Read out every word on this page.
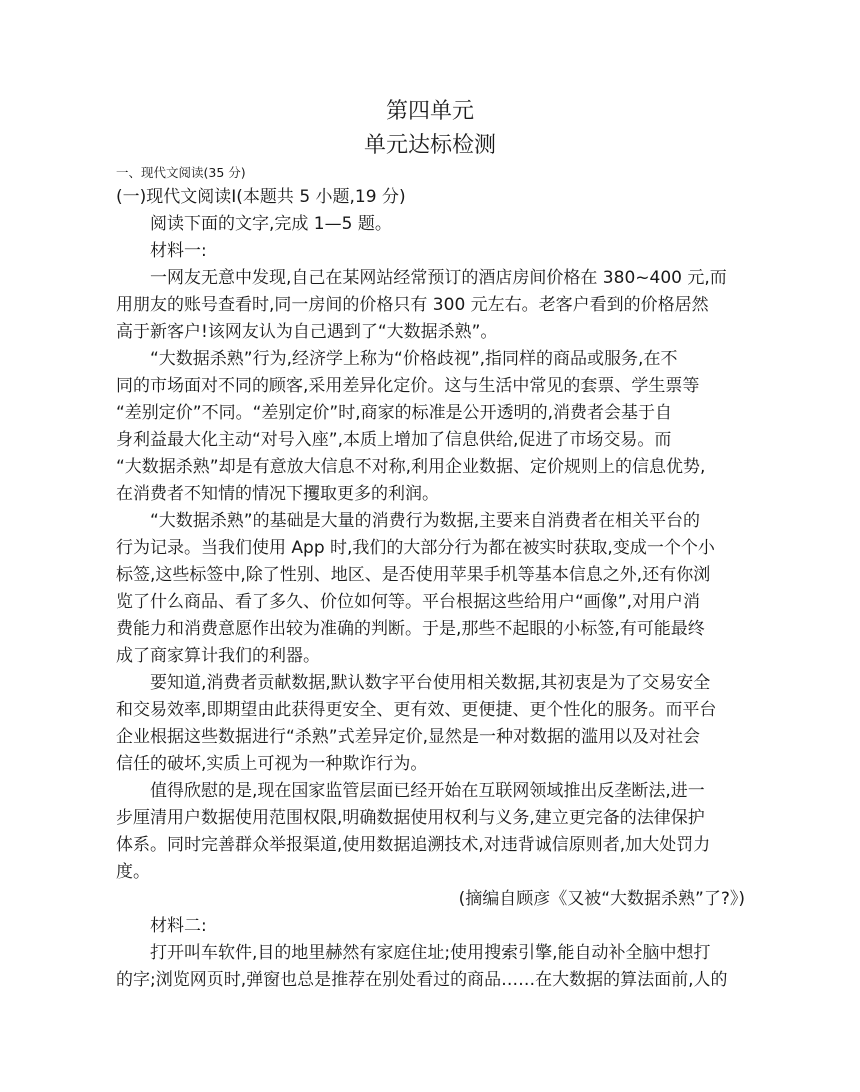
第四单元
单元达标检测
一、现代文阅读(35 分)
(一)现代文阅读Ⅰ(本题共 5 小题,19 分)
阅读下面的文字,完成 1—5 题。
材料一:
一网友无意中发现,自己在某网站经常预订的酒店房间价格在 380~400 元,而
用朋友的账号查看时,同一房间的价格只有 300 元左右。老客户看到的价格居然
高于新客户!该网友认为自己遇到了“大数据杀熟”。
“大数据杀熟”行为,经济学上称为“价格歧视”,指同样的商品或服务,在不
同的市场面对不同的顾客,采用差异化定价。这与生活中常见的套票、学生票等
“差别定价”不同。“差别定价”时,商家的标准是公开透明的,消费者会基于自
身利益最大化主动“对号入座”,本质上增加了信息供给,促进了市场交易。而
“大数据杀熟”却是有意放大信息不对称,利用企业数据、定价规则上的信息优势,
在消费者不知情的情况下攫取更多的利润。
“大数据杀熟”的基础是大量的消费行为数据,主要来自消费者在相关平台的
行为记录。当我们使用 App 时,我们的大部分行为都在被实时获取,变成一个个小
标签,这些标签中,除了性别、地区、是否使用苹果手机等基本信息之外,还有你浏
览了什么商品、看了多久、价位如何等。平台根据这些给用户“画像”,对用户消
费能力和消费意愿作出较为准确的判断。于是,那些不起眼的小标签,有可能最终
成了商家算计我们的利器。
要知道,消费者贡献数据,默认数字平台使用相关数据,其初衷是为了交易安全
和交易效率,即期望由此获得更安全、更有效、更便捷、更个性化的服务。而平台
企业根据这些数据进行“杀熟”式差异定价,显然是一种对数据的滥用以及对社会
信任的破坏,实质上可视为一种欺诈行为。
值得欣慰的是,现在国家监管层面已经开始在互联网领域推出反垄断法,进一
步厘清用户数据使用范围权限,明确数据使用权利与义务,建立更完备的法律保护
体系。同时完善群众举报渠道,使用数据追溯技术,对违背诚信原则者,加大处罚力
度。
(摘编自顾彦《又被“大数据杀熟”了?》)
材料二:
打开叫车软件,目的地里赫然有家庭住址;使用搜索引擎,能自动补全脑中想打
的字;浏览网页时,弹窗也总是推荐在别处看过的商品……在大数据的算法面前,人的
